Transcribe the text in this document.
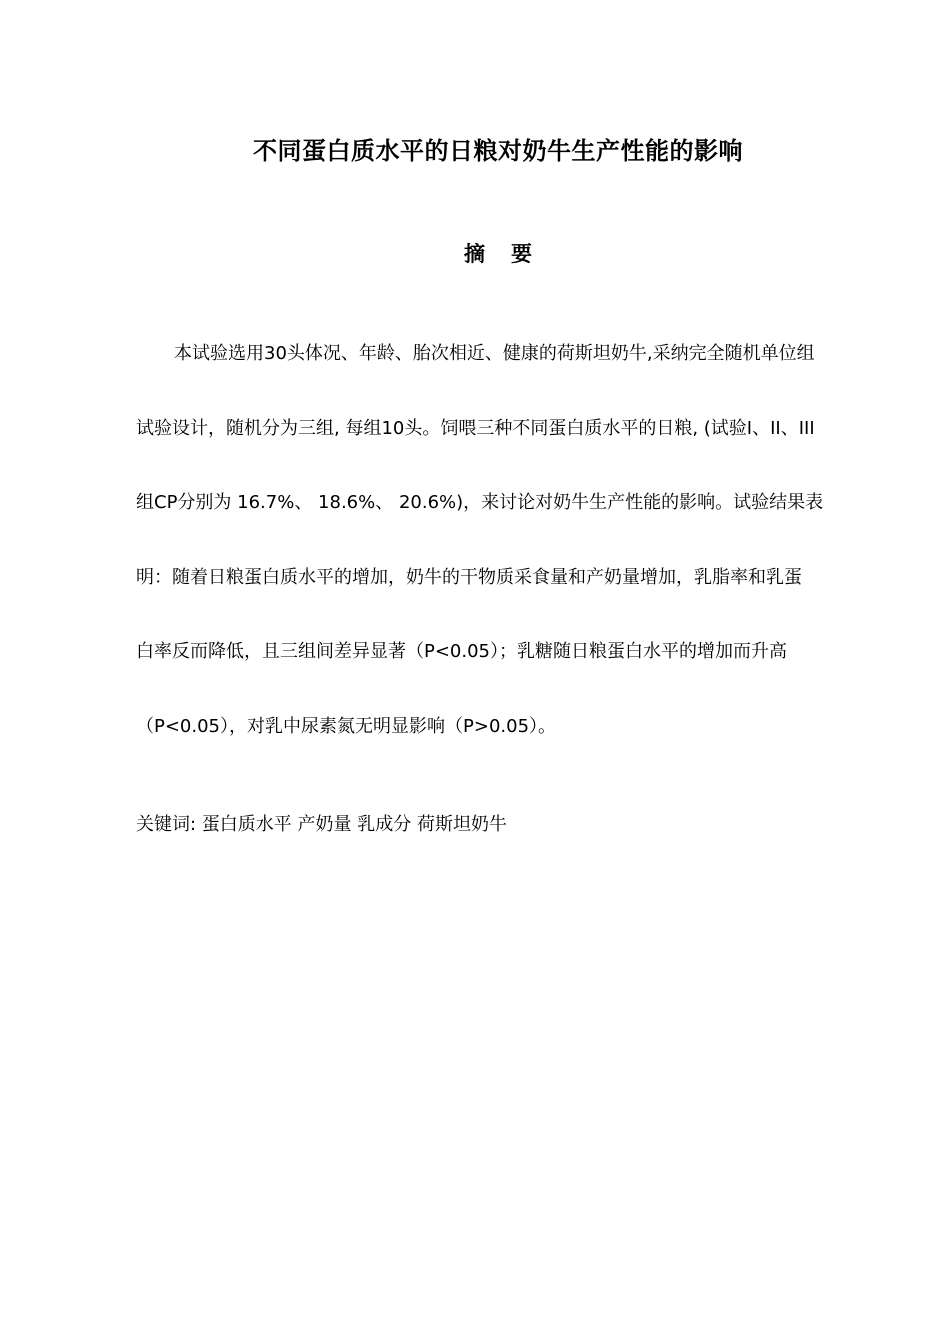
不同蛋白质水平的日粮对奶牛生产性能的影响
摘 要
本试验选用30头体况、年龄、胎次相近、健康的荷斯坦奶牛,采纳完全随机单位组
试验设计，随机分为三组, 每组10头。饲喂三种不同蛋白质水平的日粮, (试验I、II、III
组CP分别为 16.7%、 18.6%、 20.6%)，来讨论对奶牛生产性能的影响。试验结果表
明：随着日粮蛋白质水平的增加，奶牛的干物质采食量和产奶量增加，乳脂率和乳蛋
白率反而降低，且三组间差异显著（P<0.05）；乳糖随日粮蛋白水平的增加而升高
（P<0.05），对乳中尿素氮无明显影响（P>0.05）。
关键词: 蛋白质水平 产奶量 乳成分 荷斯坦奶牛
